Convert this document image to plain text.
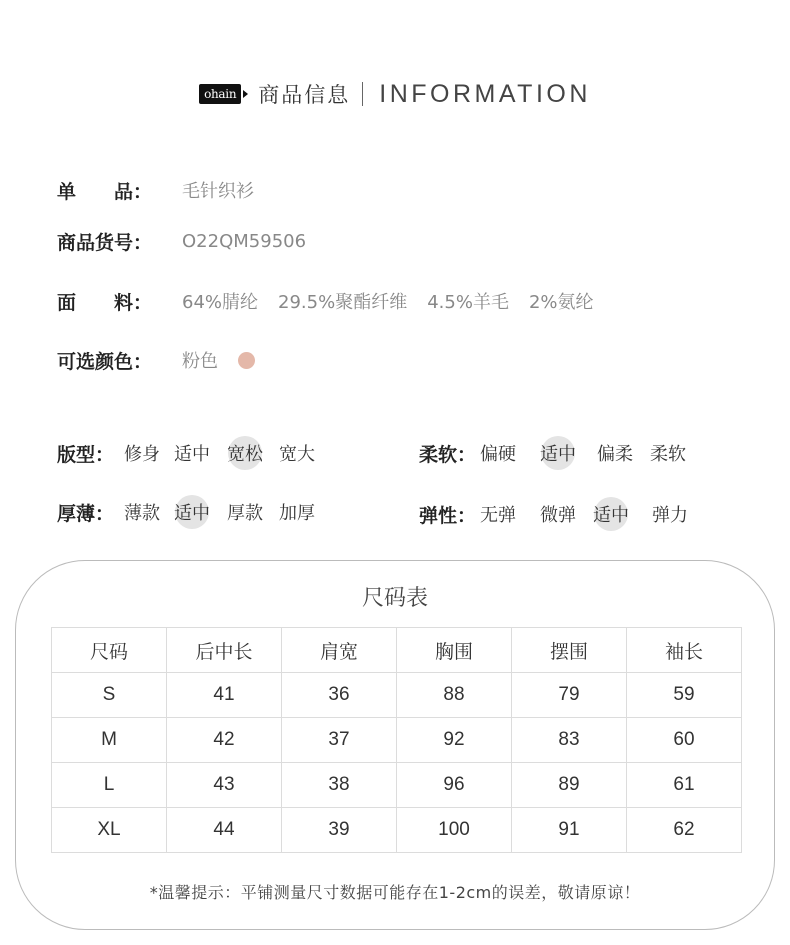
ohain 商品信息 INFORMATION
单　　品： 毛针织衫
商品货号： O22QM59506
面　　料： 64%腈纶 29.5%聚酯纤维 4.5%羊毛 2%氨纶
可选颜色： 粉色
版型： 修身 适中 宽松 宽大	柔软： 偏硬 适中 偏柔 柔软
厚薄： 薄款 适中 厚款 加厚	弹性： 无弹 微弹 适中 弹力
尺码表
尺码	后中长	肩宽	胸围	摆围	袖长
S	41	36	88	79	59
M	42	37	92	83	60
L	43	38	96	89	61
XL	44	39	100	91	62
*温馨提示：平铺测量尺寸数据可能存在1-2cm的误差，敬请原谅！
